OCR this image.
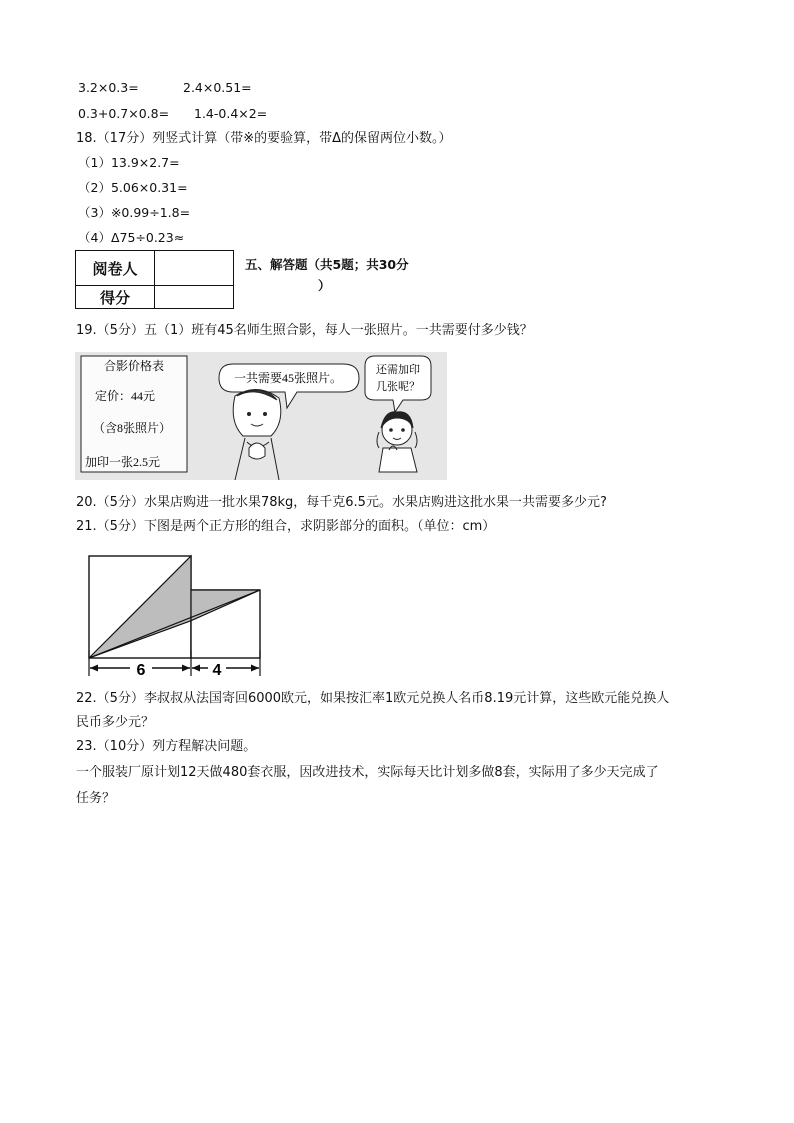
3.2×0.3=	2.4×0.51=
0.3+0.7×0.8= 1.4-0.4×2=
18.（17分）列竖式计算（带※的要验算，带Δ的保留两位小数。）
（1）13.9×2.7=
（2）5.06×0.31=
（3）※0.99÷1.8=
（4）Δ75÷0.23≈
阅卷人	
得分	
五、解答题（共5题；共30分
）
19.（5分）五（1）班有45名师生照合影，每人一张照片。一共需要付多少钱？
合影价格表
定价：44元
（含8张照片）
加印一张2.5元
一共需要45张照片。
还需加印
几张呢？
20.（5分）水果店购进一批水果78kg，每千克6.5元。水果店购进这批水果一共需要多少元?
21.（5分）下图是两个正方形的组合，求阴影部分的面积。（单位：cm）
6	4
22.（5分）李叔叔从法国寄回6000欧元，如果按汇率1欧元兑换人名币8.19元计算，这些欧元能兑换人
民币多少元？
23.（10分）列方程解决问题。
一个服装厂原计划12天做480套衣服，因改进技术，实际每天比计划多做8套，实际用了多少天完成了
任务？
